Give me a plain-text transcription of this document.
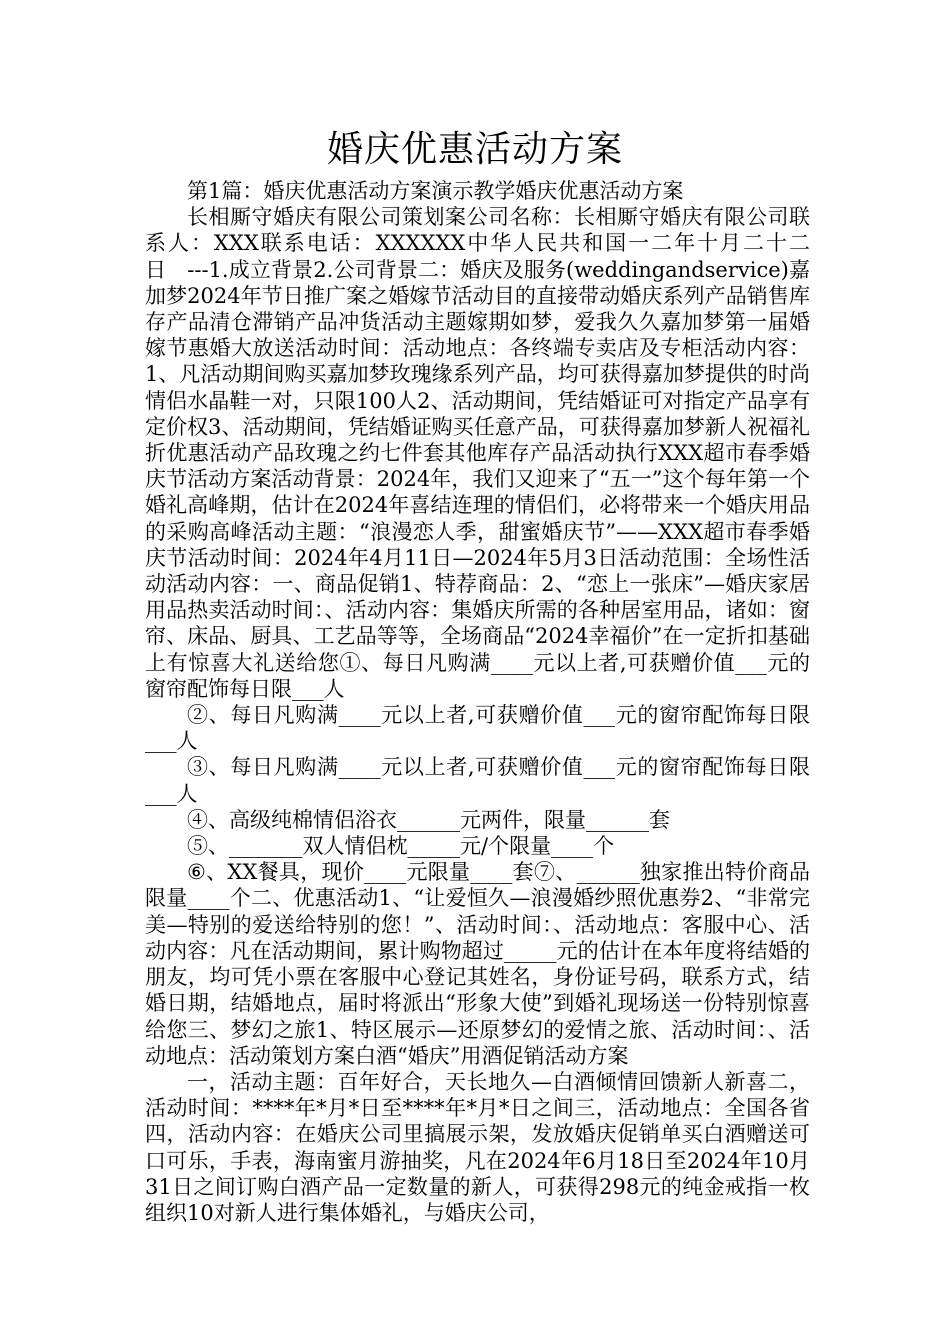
婚庆优惠活动方案

第1篇：婚庆优惠活动方案演示教学婚庆优惠活动方案

长相厮守婚庆有限公司策划案公司名称：长相厮守婚庆有限公司联系人：XXX联系电话：XXXXXX中华人民共和国一二年十月二十二日　---1.成立背景2.公司背景二：婚庆及服务(weddingandservice)嘉加梦2024年节日推广案之婚嫁节活动目的直接带动婚庆系列产品销售库存产品清仓滞销产品冲货活动主题嫁期如梦，爱我久久嘉加梦第一届婚嫁节惠婚大放送活动时间：活动地点：各终端专卖店及专柜活动内容：1、凡活动期间购买嘉加梦玫瑰缘系列产品，均可获得嘉加梦提供的时尚情侣水晶鞋一对，只限100人2、活动期间，凭结婚证可对指定产品享有定价权3、活动期间，凭结婚证购买任意产品，可获得嘉加梦新人祝福礼折优惠活动产品玫瑰之约七件套其他库存产品活动执行XXX超市春季婚庆节活动方案活动背景：2024年，我们又迎来了“五一”这个每年第一个婚礼高峰期，估计在2024年喜结连理的情侣们，必将带来一个婚庆用品的采购高峰活动主题：“浪漫恋人季，甜蜜婚庆节”——XXX超市春季婚庆节活动时间：2024年4月11日—2024年5月3日活动范围：全场性活动活动内容：一、商品促销1、特荐商品：2、“恋上一张床”—婚庆家居用品热卖活动时间：、活动内容：集婚庆所需的各种居室用品，诸如：窗帘、床品、厨具、工艺品等等，全场商品“2024幸福价”在一定折扣基础上有惊喜大礼送给您①、每日凡购满____元以上者,可获赠价值___元的窗帘配饰每日限___人

②、每日凡购满____元以上者,可获赠价值___元的窗帘配饰每日限___人

③、每日凡购满____元以上者,可获赠价值___元的窗帘配饰每日限___人

④、高级纯棉情侣浴衣______元两件，限量______套

⑤、_______双人情侣枕_____元/个限量____个

⑥、XX餐具，现价____元限量____套⑦、______独家推出特价商品限量____个二、优惠活动1、“让爱恒久—浪漫婚纱照优惠券2、“非常完美—特别的爱送给特别的您！”、活动时间：、活动地点：客服中心、活动内容：凡在活动期间，累计购物超过_____元的估计在本年度将结婚的朋友，均可凭小票在客服中心登记其姓名，身份证号码，联系方式，结婚日期，结婚地点，届时将派出“形象大使”到婚礼现场送一份特别惊喜给您三、梦幻之旅1、特区展示—还原梦幻的爱情之旅、活动时间：、活动地点：活动策划方案白酒“婚庆”用酒促销活动方案

一，活动主题：百年好合，天长地久—白酒倾情回馈新人新喜二，活动时间：****年*月*日至****年*月*日之间三，活动地点：全国各省四，活动内容：在婚庆公司里搞展示架，发放婚庆促销单买白酒赠送可口可乐，手表，海南蜜月游抽奖，凡在2024年6月18日至2024年10月31日之间订购白酒产品一定数量的新人，可获得298元的纯金戒指一枚组织10对新人进行集体婚礼，与婚庆公司，
